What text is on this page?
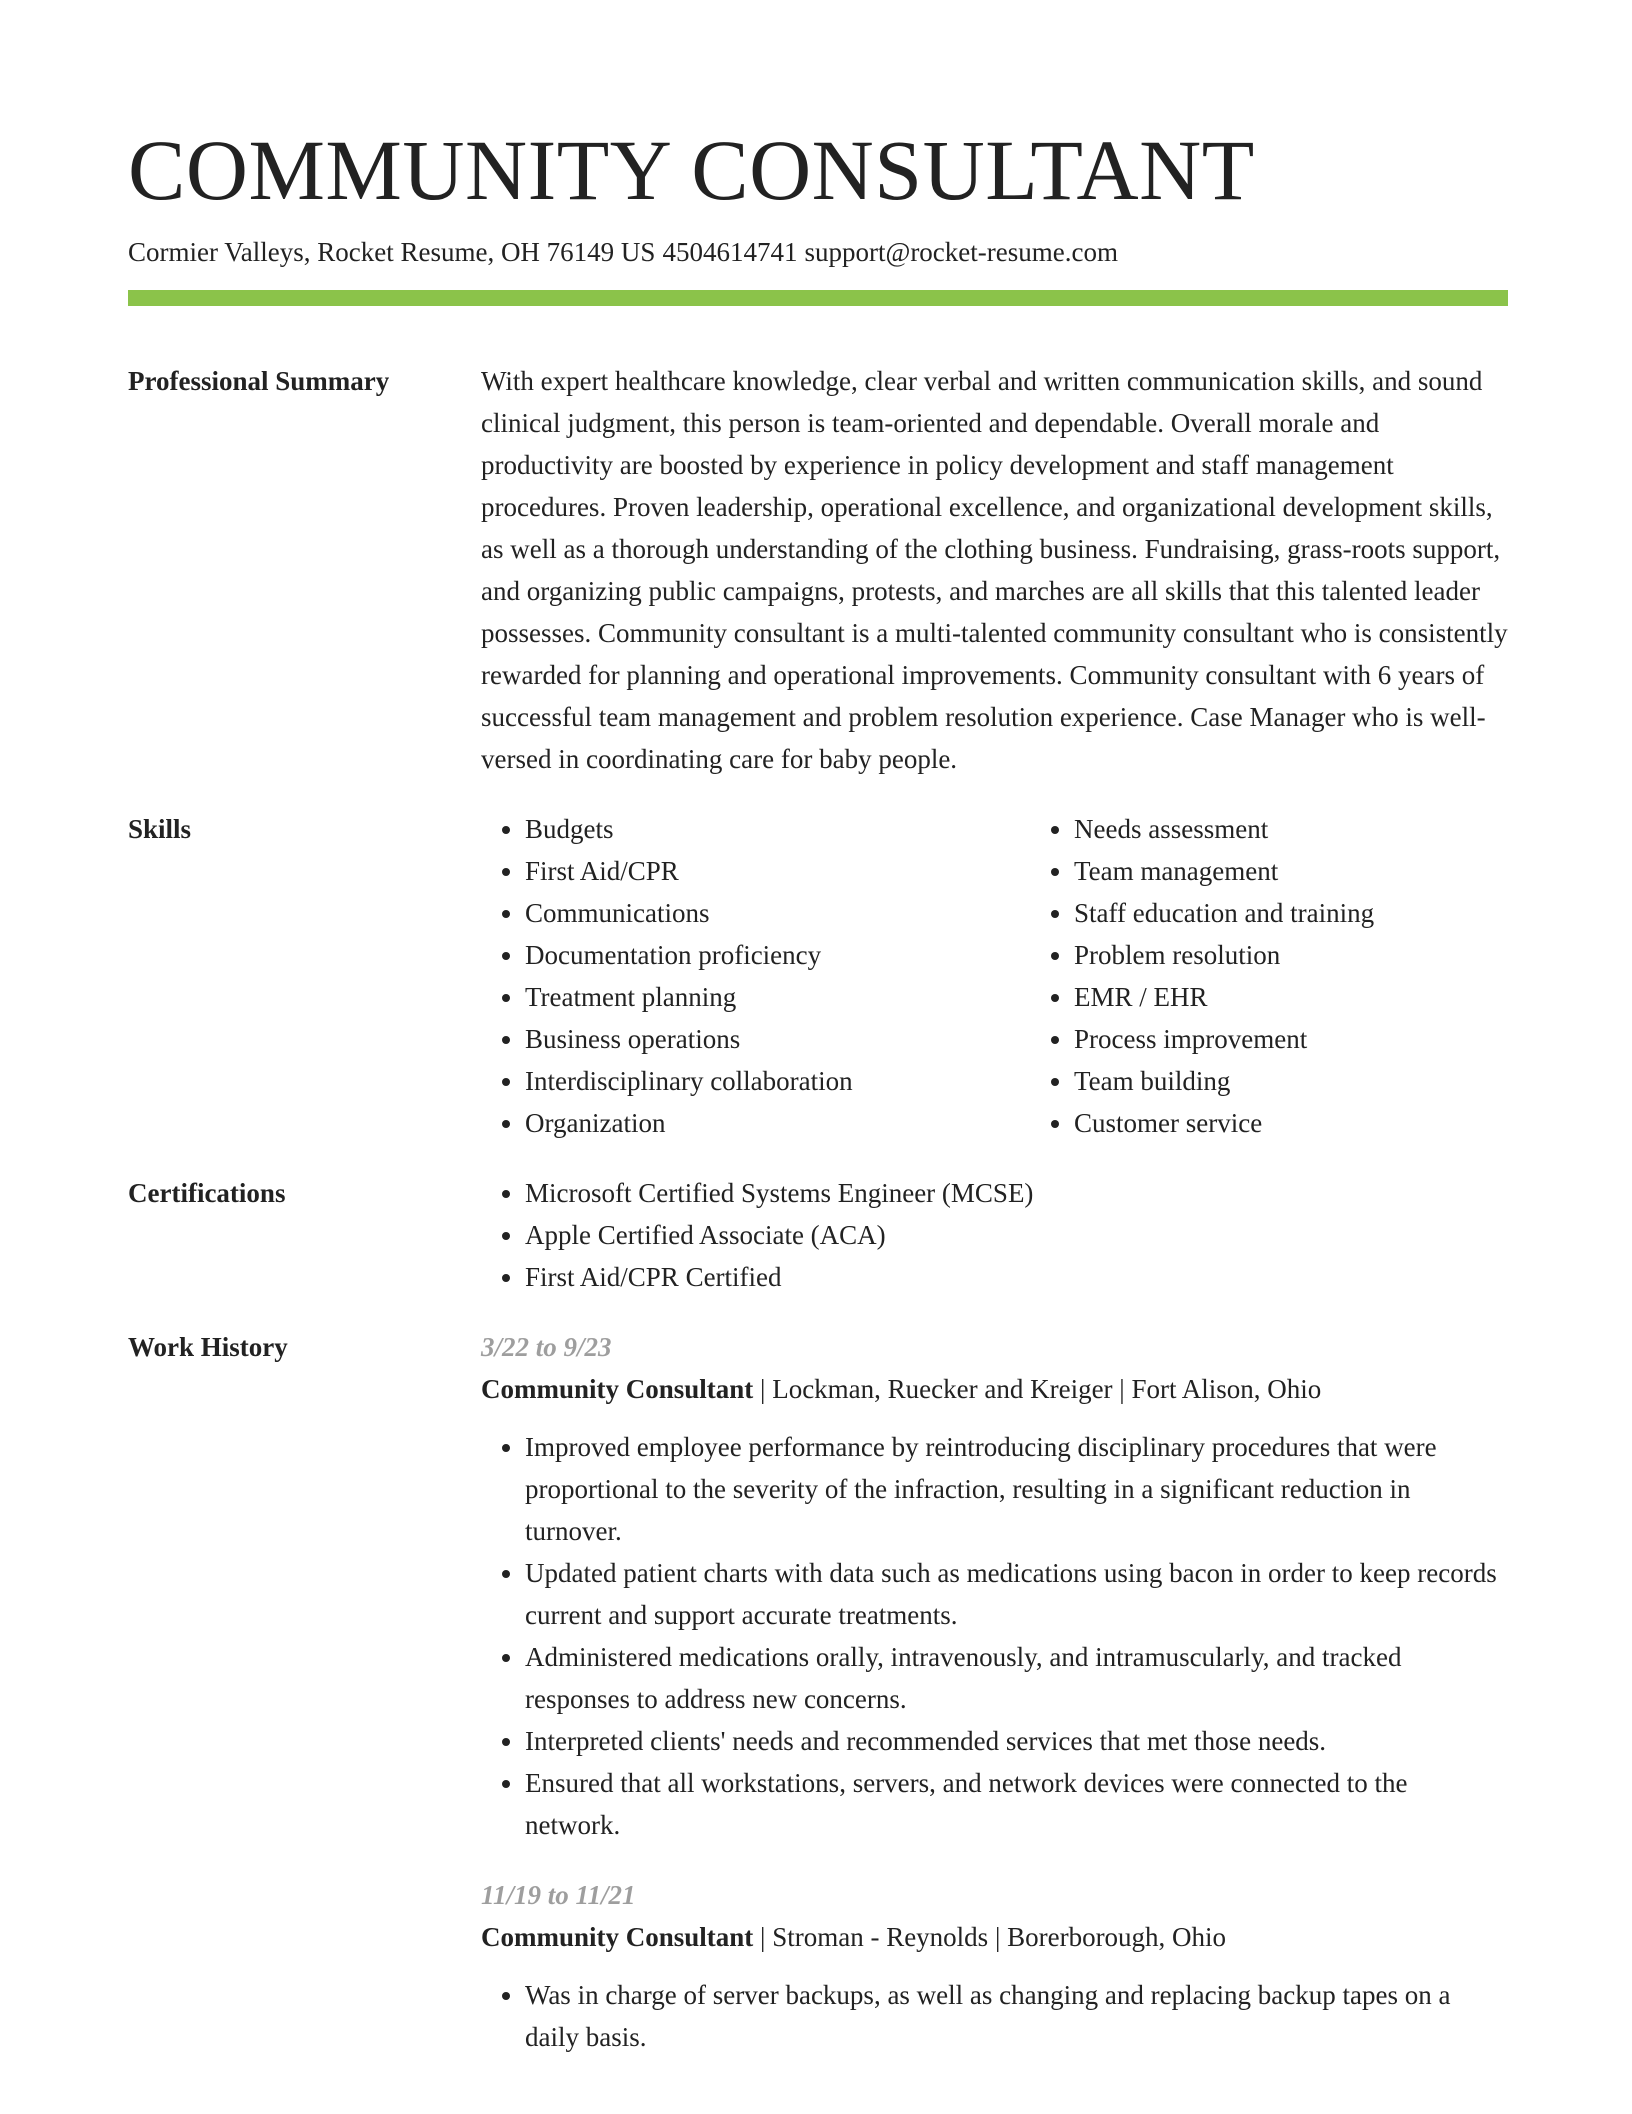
COMMUNITY CONSULTANT
Cormier Valleys, Rocket Resume, OH 76149 US 4504614741 support@rocket-resume.com
Professional Summary	With expert healthcare knowledge, clear verbal and written communication skills, and sound clinical judgment, this person is team-oriented and dependable. Overall morale and productivity are boosted by experience in policy development and staff management procedures. Proven leadership, operational excellence, and organizational development skills, as well as a thorough understanding of the clothing business. Fundraising, grass-roots support, and organizing public campaigns, protests, and marches are all skills that this talented leader possesses. Community consultant is a multi-talented community consultant who is consistently rewarded for planning and operational improvements. Community consultant with 6 years of successful team management and problem resolution experience. Case Manager who is well-versed in coordinating care for baby people.

Skills	• Budgets
• First Aid/CPR
• Communications
• Documentation proficiency
• Treatment planning
• Business operations
• Interdisciplinary collaboration
• Organization
• Needs assessment
• Team management
• Staff education and training
• Problem resolution
• EMR / EHR
• Process improvement
• Team building
• Customer service
Certifications	• Microsoft Certified Systems Engineer (MCSE)
• Apple Certified Associate (ACA)
• First Aid/CPR Certified
Work History	3/22 to 9/23
Community Consultant | Lockman, Ruecker and Kreiger | Fort Alison, Ohio
• Improved employee performance by reintroducing disciplinary procedures that were proportional to the severity of the infraction, resulting in a significant reduction in turnover.
• Updated patient charts with data such as medications using bacon in order to keep records current and support accurate treatments.
• Administered medications orally, intravenously, and intramuscularly, and tracked responses to address new concerns.
• Interpreted clients' needs and recommended services that met those needs.
• Ensured that all workstations, servers, and network devices were connected to the network.
11/19 to 11/21
Community Consultant | Stroman - Reynolds | Borerborough, Ohio
• Was in charge of server backups, as well as changing and replacing backup tapes on a daily basis.
